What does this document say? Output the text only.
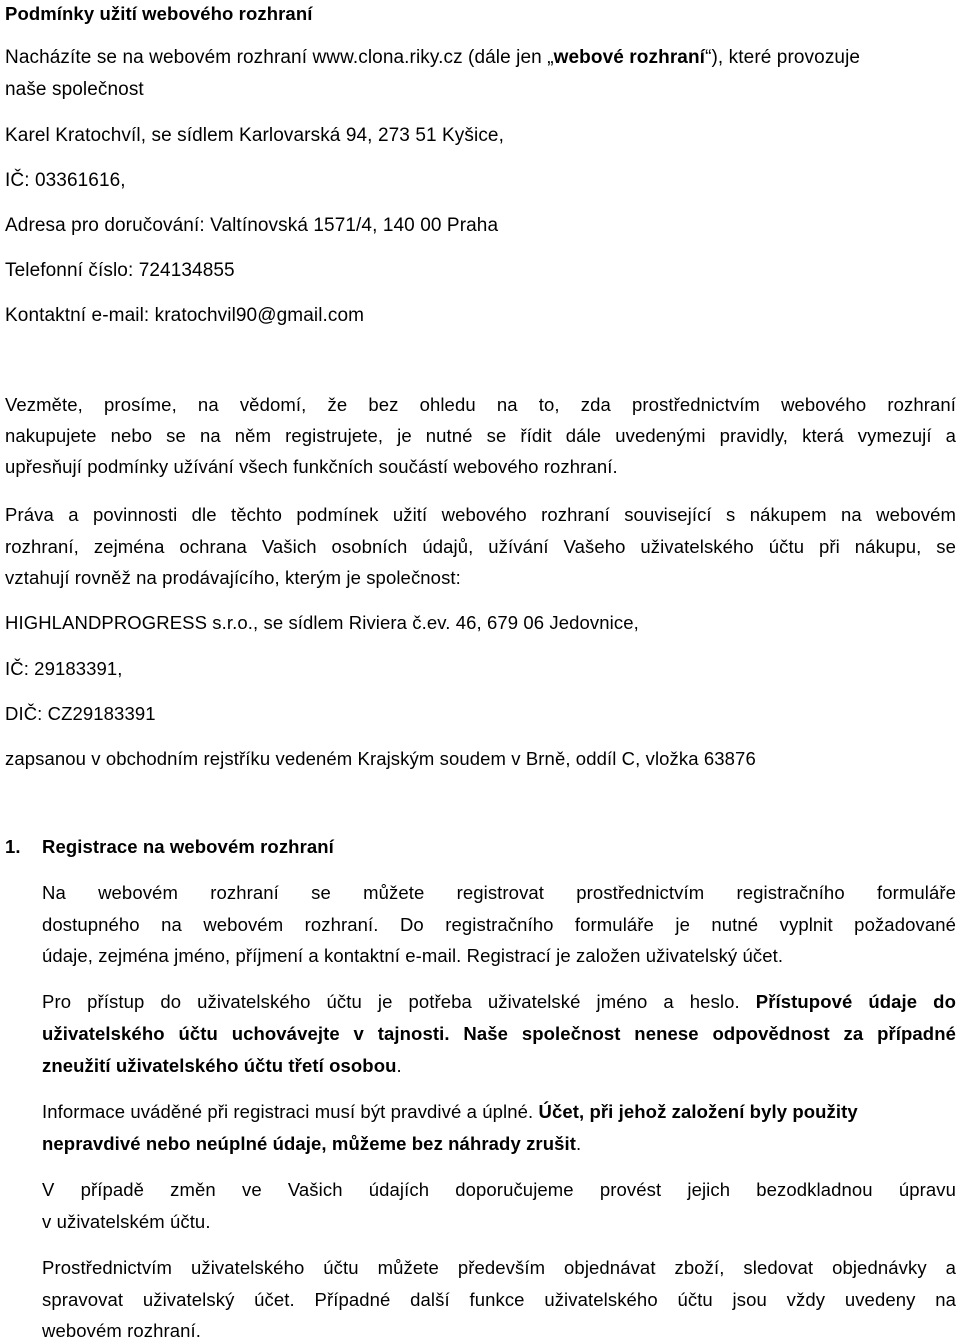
Podmínky užití webového rozhraní
Nacházíte se na webovém rozhraní www.clona.riky.cz (dále jen „webové rozhraní“), které provozuje
naše společnost
Karel Kratochvíl, se sídlem Karlovarská 94, 273 51 Kyšice,
IČ: 03361616,
Adresa pro doručování: Valtínovská 1571/4, 140 00 Praha
Telefonní číslo: 724134855
Kontaktní e-mail: kratochvil90@gmail.com
Vezměte, prosíme, na vědomí, že bez ohledu na to, zda prostřednictvím webového rozhraní
nakupujete nebo se na něm registrujete, je nutné se řídit dále uvedenými pravidly, která vymezují a
upřesňují podmínky užívání všech funkčních součástí webového rozhraní.
Práva a povinnosti dle těchto podmínek užití webového rozhraní související s nákupem na webovém
rozhraní, zejména ochrana Vašich osobních údajů, užívání Vašeho uživatelského účtu při nákupu, se
vztahují rovněž na prodávajícího, kterým je společnost:
HIGHLANDPROGRESS s.r.o., se sídlem Riviera č.ev. 46, 679 06 Jedovnice,
IČ: 29183391,
DIČ: CZ29183391
zapsanou v obchodním rejstříku vedeném Krajským soudem v Brně, oddíl C, vložka 63876
1. Registrace na webovém rozhraní
Na webovém rozhraní se můžete registrovat prostřednictvím registračního formuláře
dostupného na webovém rozhraní. Do registračního formuláře je nutné vyplnit požadované
údaje, zejména jméno, příjmení a kontaktní e-mail. Registrací je založen uživatelský účet.
Pro přístup do uživatelského účtu je potřeba uživatelské jméno a heslo. Přístupové údaje do
uživatelského účtu uchovávejte v tajnosti. Naše společnost nenese odpovědnost za případné
zneužití uživatelského účtu třetí osobou.
Informace uváděné při registraci musí být pravdivé a úplné. Účet, při jehož založení byly použity
nepravdivé nebo neúplné údaje, můžeme bez náhrady zrušit.
V případě změn ve Vašich údajích doporučujeme provést jejich bezodkladnou úpravu
v uživatelském účtu.
Prostřednictvím uživatelského účtu můžete především objednávat zboží, sledovat objednávky a
spravovat uživatelský účet. Případné další funkce uživatelského účtu jsou vždy uvedeny na
webovém rozhraní.
